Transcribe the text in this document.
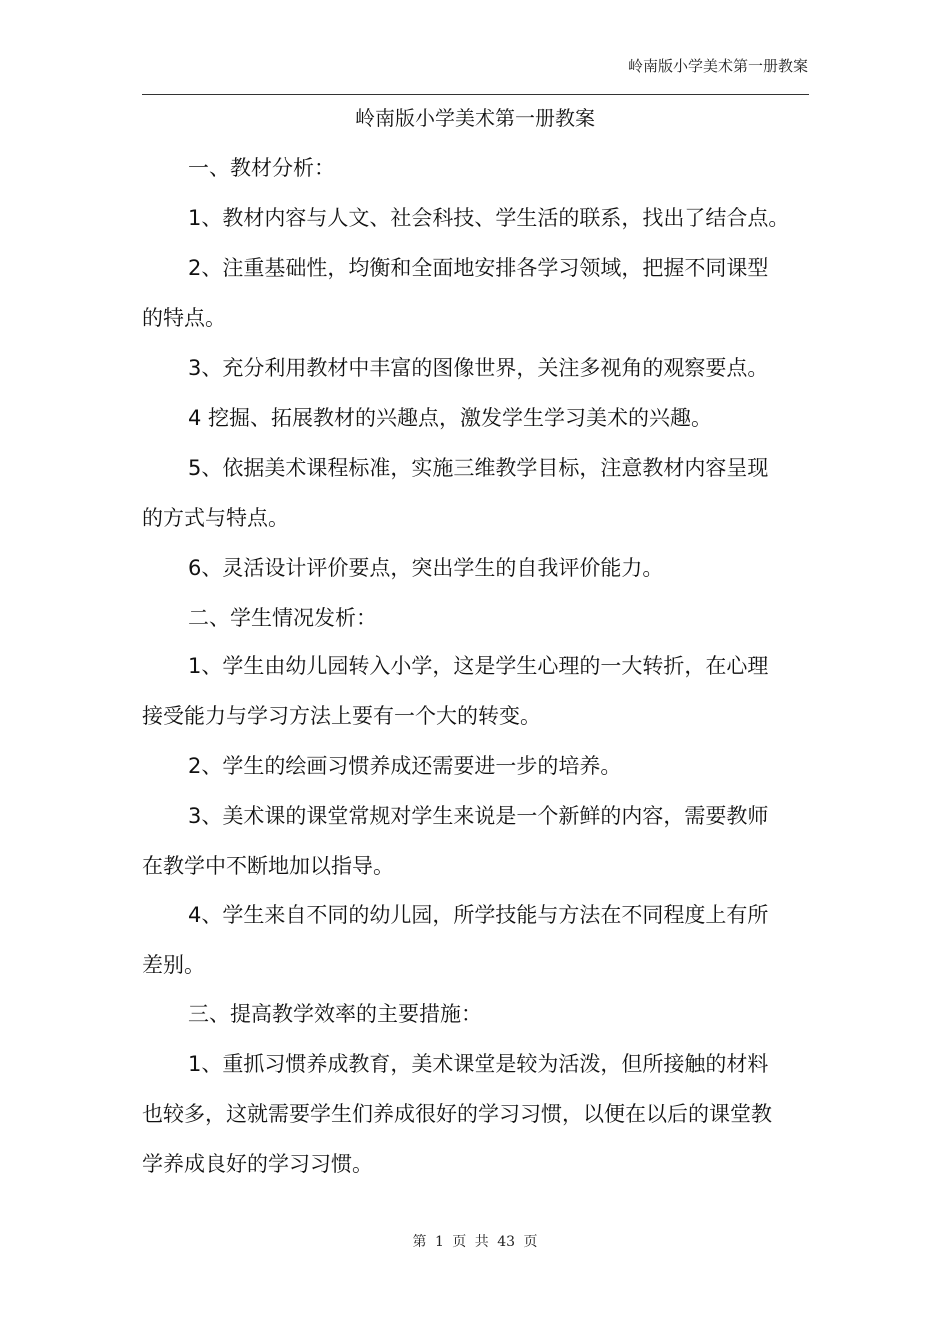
岭南版小学美术第一册教案
岭南版小学美术第一册教案
一、教材分析：
1、教材内容与人文、社会科技、学生活的联系，找出了结合点。
2、注重基础性，均衡和全面地安排各学习领域，把握不同课型
的特点。
3、充分利用教材中丰富的图像世界，关注多视角的观察要点。
4 挖掘、拓展教材的兴趣点，激发学生学习美术的兴趣。
5、依据美术课程标准，实施三维教学目标，注意教材内容呈现
的方式与特点。
6、灵活设计评价要点，突出学生的自我评价能力。
二、学生情况发析：
1、学生由幼儿园转入小学，这是学生心理的一大转折，在心理
接受能力与学习方法上要有一个大的转变。
2、学生的绘画习惯养成还需要进一步的培养。
3、美术课的课堂常规对学生来说是一个新鲜的内容，需要教师
在教学中不断地加以指导。
4、学生来自不同的幼儿园，所学技能与方法在不同程度上有所
差别。
三、提高教学效率的主要措施：
1、重抓习惯养成教育，美术课堂是较为活泼，但所接触的材料
也较多，这就需要学生们养成很好的学习习惯，以便在以后的课堂教
学养成良好的学习习惯。
第 1 页 共 43 页
